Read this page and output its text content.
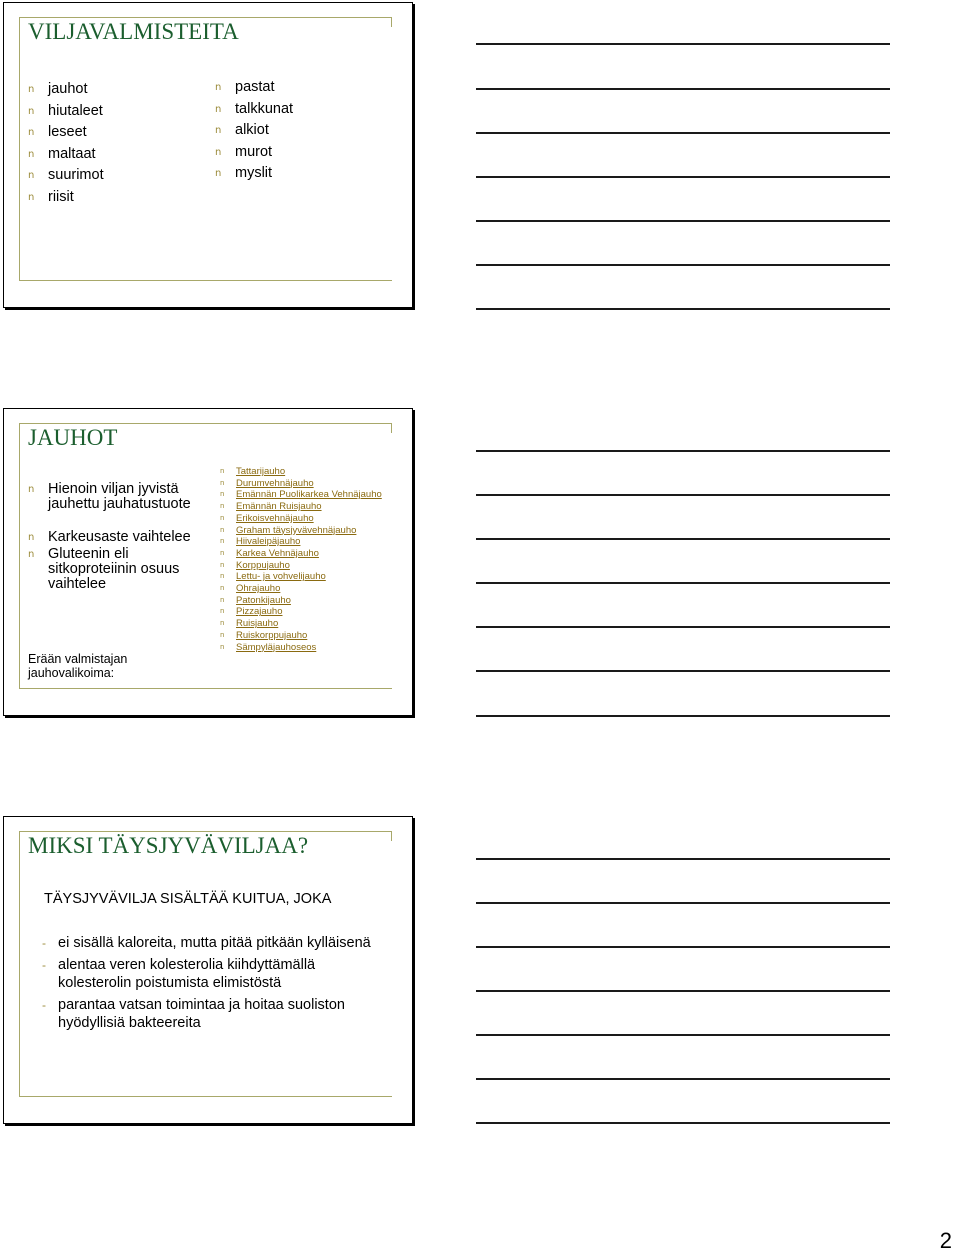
VILJAVALMISTEITA
n jauhot
n hiutaleet
n leseet
n maltaat
n suurimot
n riisit
n pastat
n talkkunat
n alkiot
n murot
n myslit
JAUHOT
n Hienoin viljan jyvistä jauhettu jauhatustuote
n Karkeusaste vaihtelee
n Gluteenin eli sitkoproteiinin osuus vaihtelee
Erään valmistajan jauhovalikoima:
n Tattarijauho
n Durumvehnäjauho
n Emännän Puolikarkea Vehnäjauho
n Emännän Ruisjauho
n Erikoisvehnäjauho
n Graham täysjyvävehnäjauho
n Hiivaleipäjauho
n Karkea Vehnäjauho
n Korppujauho
n Lettu- ja vohvelijauho
n Ohrajauho
n Patonkijauho
n Pizzajauho
n Ruisjauho
n Ruiskorppujauho
n Sämpyläjauhoseos
MIKSI TÄYSJYVÄVILJAA?
TÄYSJYVÄVILJA SISÄLTÄÄ KUITUA, JOKA
- ei sisällä kaloreita, mutta pitää pitkään kylläisenä
- alentaa veren kolesterolia kiihdyttämällä kolesterolin poistumista elimistöstä
- parantaa vatsan toimintaa ja hoitaa suoliston hyödyllisiä bakteereita
2
